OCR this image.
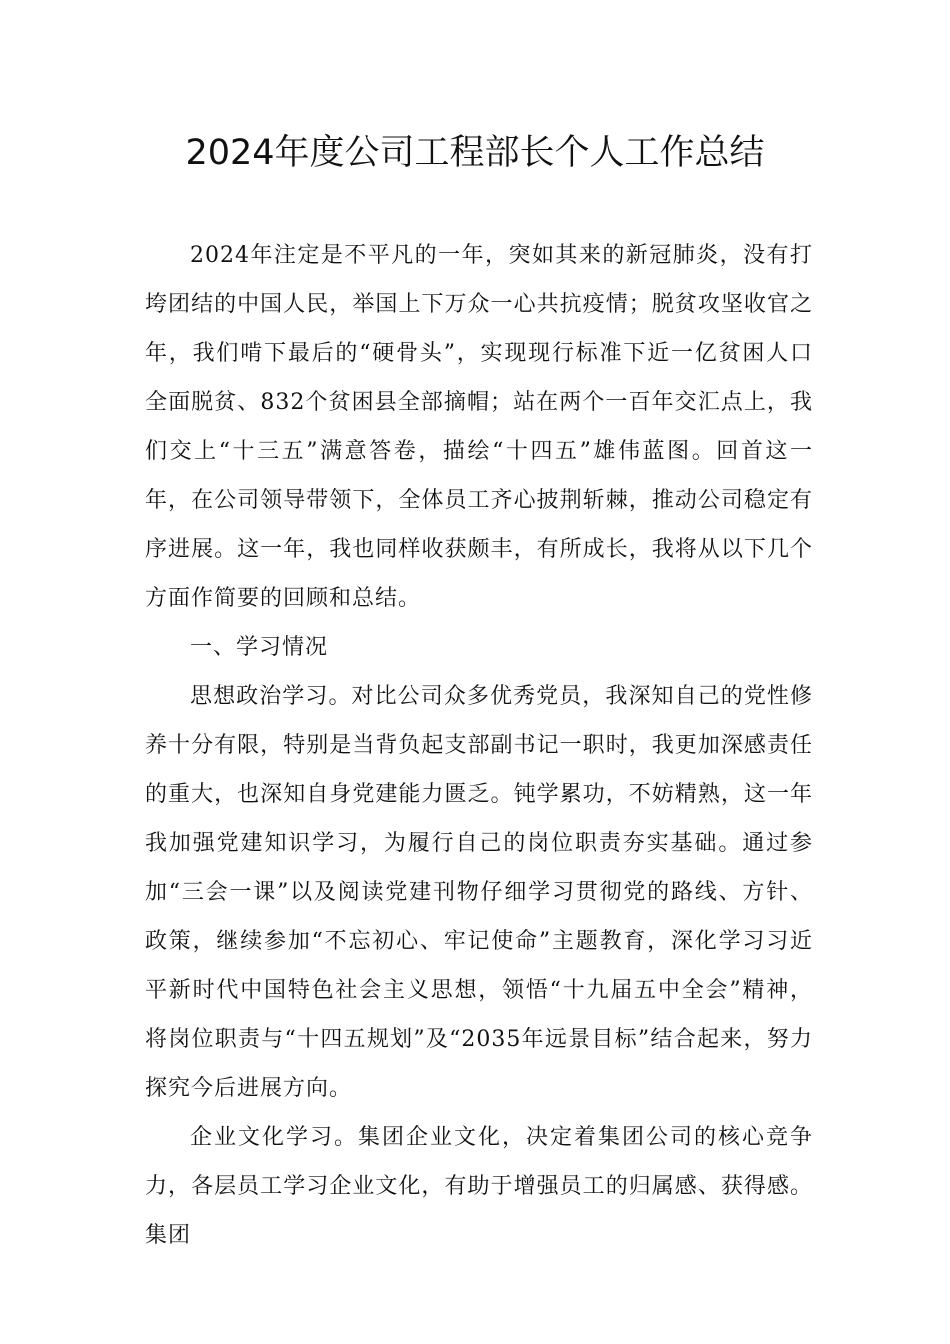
2024年度公司工程部长个人工作总结

2024年注定是不平凡的一年，突如其来的新冠肺炎，没有打垮团结的中国人民，举国上下万众一心共抗疫情；脱贫攻坚收官之年，我们啃下最后的“硬骨头”，实现现行标准下近一亿贫困人口全面脱贫、832个贫困县全部摘帽；站在两个一百年交汇点上，我们交上“十三五”满意答卷，描绘“十四五”雄伟蓝图。回首这一年，在公司领导带领下，全体员工齐心披荆斩棘，推动公司稳定有序进展。这一年，我也同样收获颇丰，有所成长，我将从以下几个方面作简要的回顾和总结。

一、学习情况

思想政治学习。对比公司众多优秀党员，我深知自己的党性修养十分有限，特别是当背负起支部副书记一职时，我更加深感责任的重大，也深知自身党建能力匮乏。钝学累功，不妨精熟，这一年我加强党建知识学习，为履行自己的岗位职责夯实基础。通过参加“三会一课”以及阅读党建刊物仔细学习贯彻党的路线、方针、政策，继续参加“不忘初心、牢记使命”主题教育，深化学习习近平新时代中国特色社会主义思想，领悟“十九届五中全会”精神，将岗位职责与“十四五规划”及“2035年远景目标”结合起来，努力探究今后进展方向。

企业文化学习。集团企业文化，决定着集团公司的核心竞争力，各层员工学习企业文化，有助于增强员工的归属感、获得感。集团
